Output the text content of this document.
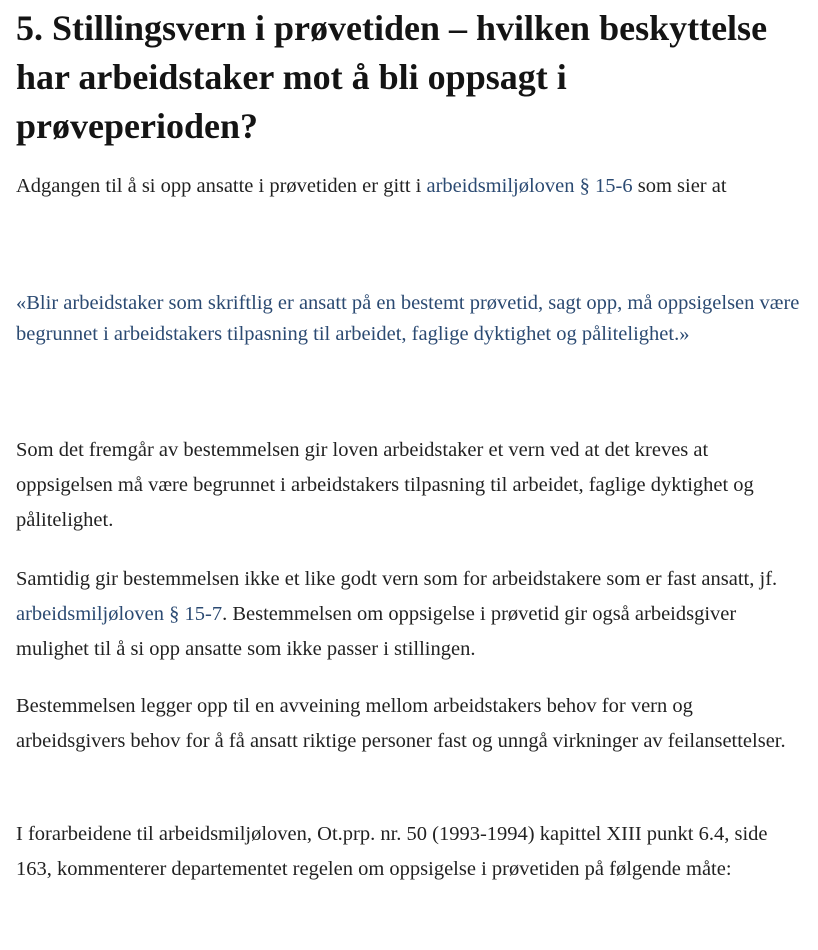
5. Stillingsvern i prøvetiden – hvilken beskyttelse har arbeidstaker mot å bli oppsagt i prøveperioden?

Adgangen til å si opp ansatte i prøvetiden er gitt i arbeidsmiljøloven § 15-6 som sier at

«Blir arbeidstaker som skriftlig er ansatt på en bestemt prøvetid, sagt opp, må oppsigelsen være begrunnet i arbeidstakers tilpasning til arbeidet, faglige dyktighet og pålitelighet.»

Som det fremgår av bestemmelsen gir loven arbeidstaker et vern ved at det kreves at oppsigelsen må være begrunnet i arbeidstakers tilpasning til arbeidet, faglige dyktighet og pålitelighet.

Samtidig gir bestemmelsen ikke et like godt vern som for arbeidstakere som er fast ansatt, jf. arbeidsmiljøloven § 15-7. Bestemmelsen om oppsigelse i prøvetid gir også arbeidsgiver mulighet til å si opp ansatte som ikke passer i stillingen.

Bestemmelsen legger opp til en avveining mellom arbeidstakers behov for vern og arbeidsgivers behov for å få ansatt riktige personer fast og unngå virkninger av feilansettelser.

I forarbeidene til arbeidsmiljøloven, Ot.prp. nr. 50 (1993-1994) kapittel XIII punkt 6.4, side 163, kommenterer departementet regelen om oppsigelse i prøvetiden på følgende måte:
